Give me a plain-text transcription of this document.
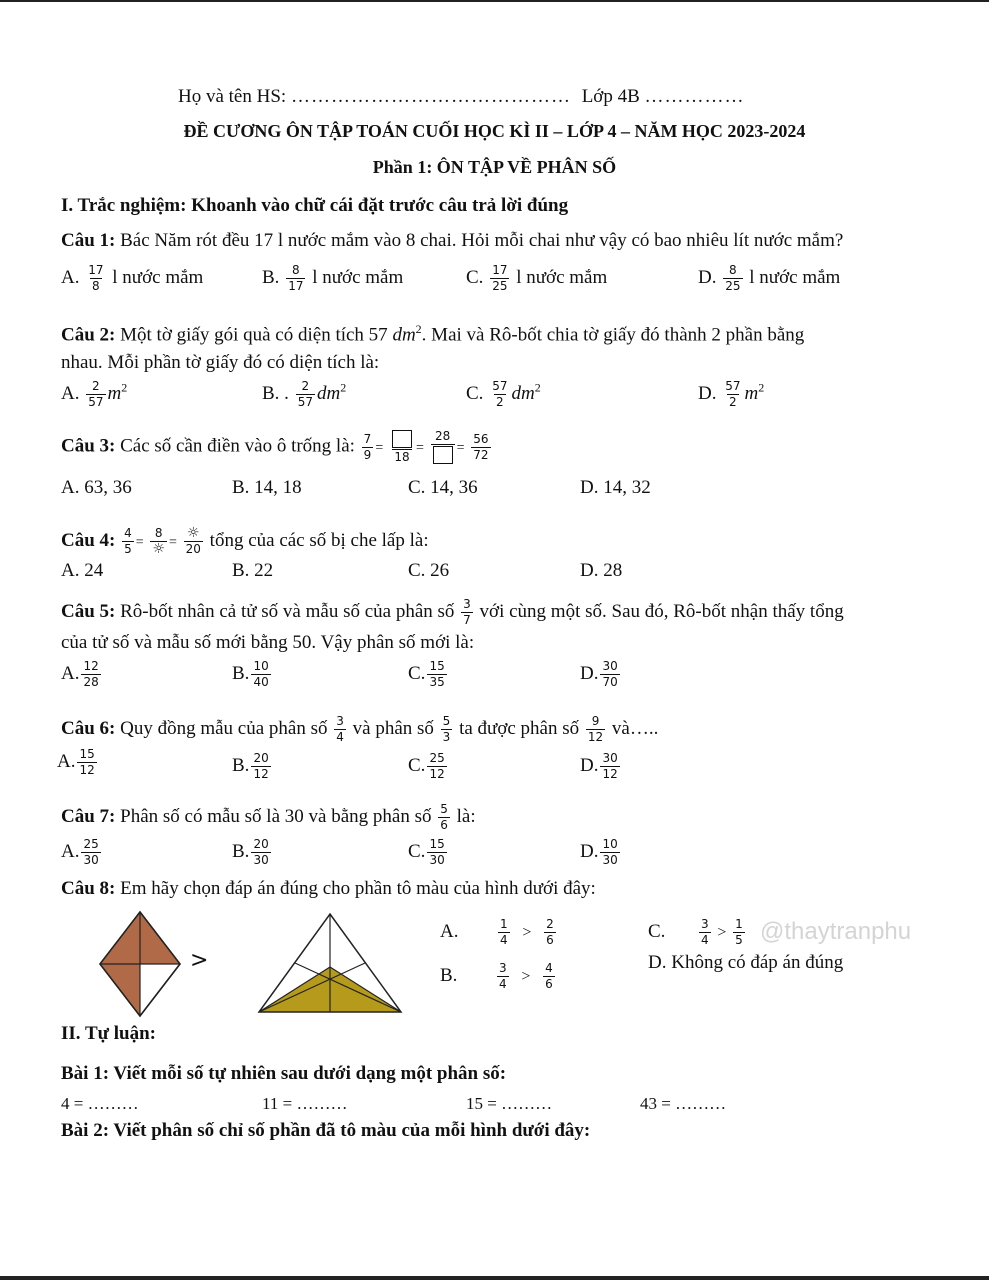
Họ và tên HS: …………………………………… Lớp 4B ……………
ĐỀ CƯƠNG ÔN TẬP TOÁN CUỐI HỌC KÌ II – LỚP 4 – NĂM HỌC 2023-2024
Phần 1: ÔN TẬP VỀ PHÂN SỐ
I. Trắc nghiệm: Khoanh vào chữ cái đặt trước câu trả lời đúng
Câu 1: Bác Năm rót đều 17 l nước mắm vào 8 chai. Hỏi mỗi chai như vậy có bao nhiêu lít nước mắm?
A. $\frac{17}{8}$ l nước mắm	B. $\frac{8}{17}$ l nước mắm	C. $\frac{17}{25}$ l nước mắm	D. $\frac{8}{25}$ l nước mắm
Câu 2: Một tờ giấy gói quà có diện tích 57 $dm^2$. Mai và Rô-bốt chia tờ giấy đó thành 2 phần bằng
nhau. Mỗi phần tờ giấy đó có diện tích là:
A. $\frac{2}{57} m^2$	B. . $\frac{2}{57} dm^2$	C. $\frac{57}{2} dm^2$	D. $\frac{57}{2} m^2$
Câu 3: Các số cần điền vào ô trống là: $\frac{7}{9}$ =
18
=
28
= $\frac{56}{72}$
A. 63, 36	B. 14, 18	C. 14, 36	D. 14, 32
Câu 4: $\frac{4}{5} = \frac{8}{☼} = \frac{☼}{20}$ tổng của các số bị che lấp là:
A. 24	B. 22	C. 26	D. 28
Câu 5: Rô-bốt nhân cả tử số và mẫu số của phân số $\frac{3}{7}$ với cùng một số. Sau đó, Rô-bốt nhận thấy tổng
của tử số và mẫu số mới bằng 50. Vậy phân số mới là:
A. $\frac{12}{28}$	B. $\frac{10}{40}$	C. $\frac{15}{35}$	D. $\frac{30}{70}$
Câu 6: Quy đồng mẫu của phân số $\frac{3}{4}$ và phân số $\frac{5}{3}$ ta được phân số $\frac{9}{12}$ và…..
A. $\frac{15}{12}$	B. $\frac{20}{12}$	C. $\frac{25}{12}$	D. $\frac{30}{12}$
Câu 7: Phân số có mẫu số là 30 và bằng phân số $\frac{5}{6}$ là:
A. $\frac{25}{30}$	B. $\frac{20}{30}$	C. $\frac{15}{30}$	D. $\frac{10}{30}$
Câu 8: Em hãy chọn đáp án đúng cho phần tô màu của hình dưới đây:
>
A.	$\frac{1}{4} > \frac{2}{6}$
B.	$\frac{3}{4} > \frac{4}{6}$
C.	$\frac{3}{4} > \frac{1}{5}$
D. Không có đáp án đúng
@thaytranphu
II. Tự luận:
Bài 1: Viết mỗi số tự nhiên sau dưới dạng một phân số:
4 = ………	11 = ………	15 = ………	43 = ………
Bài 2: Viết phân số chỉ số phần đã tô màu của mỗi hình dưới đây:
